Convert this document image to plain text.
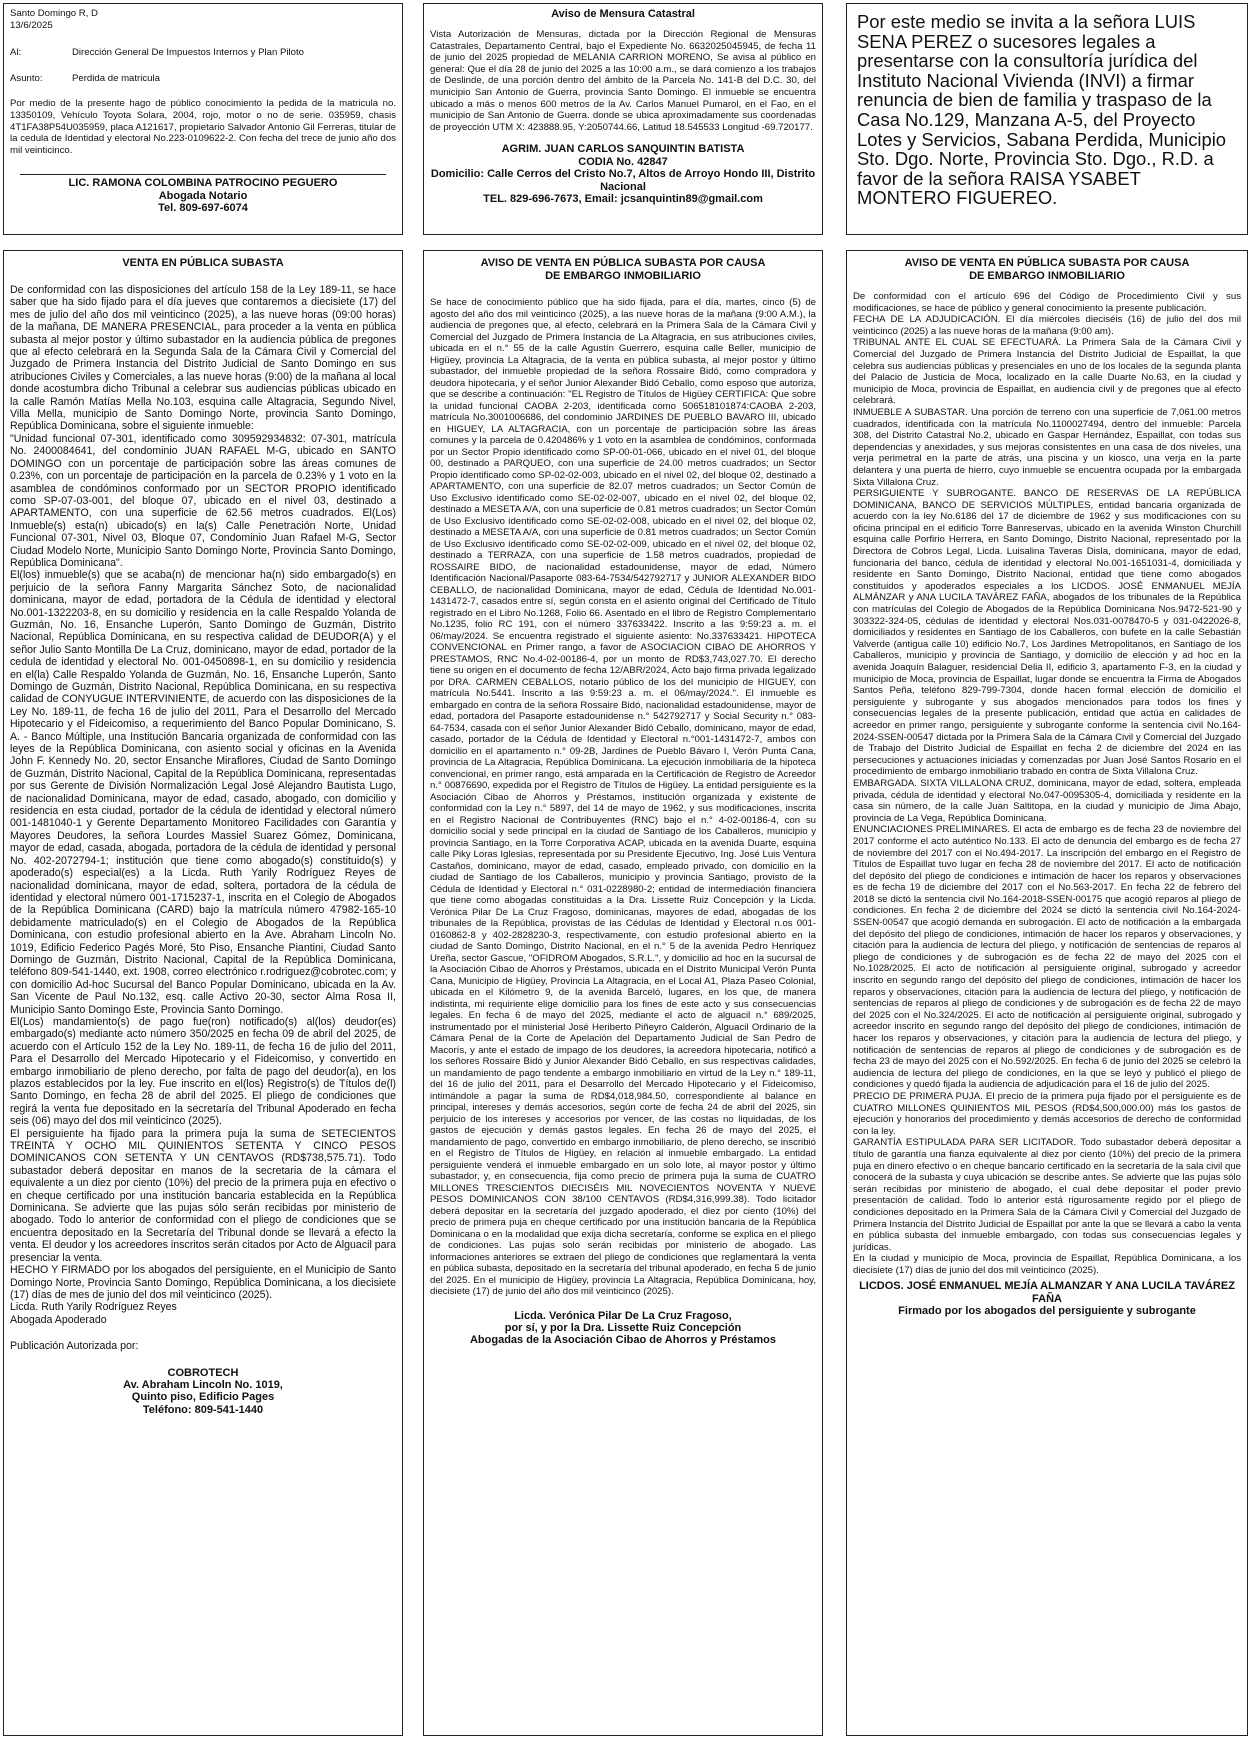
Santo Domingo R, D
13/6/2025
Al:	Dirección General De Impuestos Internos y Plan Piloto
Asunto:	Perdida de matricula

Por medio de la presente hago de público conocimiento la pedida de la matricula no. 13350109, Vehículo Toyota Solara, 2004, rojo, motor o no de serie. 035959, chasis 4T1FA38P54U035959, placa A121617, propietario Salvador Antonio Gil Ferreras, titular de la cedula de Identidad y electoral No.223-0109622-2. Con fecha del trece de junio año dos mil veinticinco.

LIC. RAMONA COLOMBINA PATROCINO PEGUERO
Abogada Notario
Tel. 809-697-6074
Aviso de Mensura Catastral

Vista Autorización de Mensuras, dictada por la Dirección Regional de Mensuras Catastrales, Departamento Central, bajo el Expediente No. 6632025045945, de fecha 11 de junio del 2025 propiedad de MELANIA CARRION MORENO, Se avisa al público en general: Que el día 28 de junio del 2025 a las 10:00 a.m., se dará comienzo a los trabajos de Deslinde, de una porción dentro del ámbito de la Parcela No. 141-B del D.C. 30, del municipio San Antonio de Guerra, provincia Santo Domingo. El inmueble se encuentra ubicado a más o menos 600 metros de la Av. Carlos Manuel Pumarol, en el Fao, en el municipio de San Antonio de Guerra. donde se ubica aproximadamente sus coordenadas de proyección UTM X: 423888.95, Y:2050744.66, Latitud 18.545533 Longitud -69.720177.

AGRIM. JUAN CARLOS SANQUINTIN BATISTA
CODIA No. 42847
Domicilio: Calle Cerros del Cristo No.7, Altos de Arroyo Hondo III, Distrito Nacional
TEL. 829-696-7673, Email: jcsanquintin89@gmail.com

Por este medio se invita a la señora LUIS SENA PEREZ o sucesores legales a presentarse con la consultoría jurídica del Instituto Nacional Vivienda (INVI) a firmar renuncia de bien de familia y traspaso de la Casa No.129, Manzana A-5, del Proyecto Lotes y Servicios, Sabana Perdida, Municipio Sto. Dgo. Norte, Provincia Sto. Dgo., R.D. a favor de la señora RAISA YSABET MONTERO FIGUEREO.

VENTA EN PÚBLICA SUBASTA

De conformidad con las disposiciones del artículo 158 de la Ley 189-11, se hace saber que ha sido fijado para el día jueves que contaremos a diecisiete (17) del mes de julio del año dos mil veinticinco (2025), a las nueve horas (09:00 horas) de la mañana, DE MANERA PRESENCIAL, para proceder a la venta en pública subasta al mejor postor y último subastador en la audiencia pública de pregones que al efecto celebrará en la Segunda Sala de la Cámara Civil y Comercial del Juzgado de Primera Instancia del Distrito Judicial de Santo Domingo en sus atribuciones Civiles y Comerciales, a las nueve horas (9:00) de la mañana al local donde acostumbra dicho Tribunal a celebrar sus audiencias públicas ubicado en la calle Ramón Matías Mella No.103, esquina calle Altagracia, Segundo Nivel, Villa Mella, municipio de Santo Domingo Norte, provincia Santo Domingo, República Dominicana, sobre el siguiente inmueble:

"Unidad funcional 07-301, identificado como 309592934832: 07-301, matrícula No. 2400084641, del condominio JUAN RAFAEL M-G, ubicado en SANTO DOMINGO con un porcentaje de participación sobre las áreas comunes de 0.23%, con un porcentaje de participación en la parcela de 0.23% y 1 voto en la asamblea de condóminos conformado por un SECTOR PROPIO identificado como SP-07-03-001, del bloque 07, ubicado en el nivel 03, destinado a APARTAMENTO, con una superficie de 62.56 metros cuadrados. El(Los) Inmueble(s) esta(n) ubicado(s) en la(s) Calle Penetración Norte, Unidad Funcional 07-301, Nivel 03, Bloque 07, Condominio Juan Rafael M-G, Sector Ciudad Modelo Norte, Municipio Santo Domingo Norte, Provincia Santo Domingo, República Dominicana".

El(los) inmueble(s) que se acaba(n) de mencionar ha(n) sido embargado(s) en perjuicio de la señora Fanny Margarita Sánchez Soto, de nacionalidad dominicana, mayor de edad, portadora de la Cédula de identidad y electoral No.001-1322203-8, en su domicilio y residencia en la calle Respaldo Yolanda de Guzmán, No. 16, Ensanche Luperón, Santo Domingo de Guzmán, Distrito Nacional, República Dominicana, en su respectiva calidad de DEUDOR(A) y el señor Julio Santo Montilla De La Cruz, dominicano, mayor de edad, portador de la cedula de identidad y electoral No. 001-0450898-1, en su domicilio y residencia en el(la) Calle Respaldo Yolanda de Guzmán, No. 16, Ensanche Luperón, Santo Domingo de Guzmán, Distrito Nacional, República Dominicana, en su respectiva calidad de CONYUGUE INTERVINIENTE, de acuerdo con las disposiciones de la Ley No. 189-11, de fecha 16 de julio del 2011, Para el Desarrollo del Mercado Hipotecario y el Fideicomiso, a requerimiento del Banco Popular Dominicano, S. A. - Banco Múltiple, una Institución Bancaria organizada de conformidad con las leyes de la República Dominicana, con asiento social y oficinas en la Avenida John F. Kennedy No. 20, sector Ensanche Miraflores, Ciudad de Santo Domingo de Guzmán, Distrito Nacional, Capital de la República Dominicana, representadas por sus Gerente de División Normalización Legal José Alejandro Bautista Lugo, de nacionalidad Dominicana, mayor de edad, casado, abogado, con domicilio y residencia en esta ciudad, portador de la cédula de identidad y electoral número 001-1481040-1 y Gerente Departamento Monitoreo Facilidades con Garantía y Mayores Deudores, la señora Lourdes Massiel Suarez Gómez, Dominicana, mayor de edad, casada, abogada, portadora de la cédula de identidad y personal No. 402-2072794-1; institución que tiene como abogado(s) constituido(s) y apoderado(s) especial(es) a la Licda. Ruth Yarily Rodríguez Reyes de nacionalidad dominicana, mayor de edad, soltera, portadora de la cédula de identidad y electoral número 001-1715237-1, inscrita en el Colegio de Abogados de la República Dominicana (CARD) bajo la matrícula número 47982-165-10 debidamente matriculado(s) en el Colegio de Abogados de la República Dominicana, con estudio profesional abierto en la Ave. Abraham Lincoln No. 1019, Edificio Federico Pagés Moré, 5to Piso, Ensanche Piantini, Ciudad Santo Domingo de Guzmán, Distrito Nacional, Capital de la República Dominicana, teléfono 809-541-1440, ext. 1908, correo electrónico r.rodriguez@cobrotec.com; y con domicilio Ad-hoc Sucursal del Banco Popular Dominicano, ubicada en la Av. San Vicente de Paul No.132, esq. calle Activo 20-30, sector Alma Rosa II, Municipio Santo Domingo Este, Provincia Santo Domingo.

El(Los) mandamiento(s) de pago fue(ron) notificado(s) al(los) deudor(es) embargado(s) mediante acto número 350/2025 en fecha 09 de abril del 2025, de acuerdo con el Artículo 152 de la Ley No. 189-11, de fecha 16 de julio del 2011, Para el Desarrollo del Mercado Hipotecario y el Fideicomiso, y convertido en embargo inmobiliario de pleno derecho, por falta de pago del deudor(a), en los plazos establecidos por la ley. Fue inscrito en el(los) Registro(s) de Títulos de(l) Santo Domingo, en fecha 28 de abril del 2025. El pliego de condiciones que regirá la venta fue depositado en la secretaría del Tribunal Apoderado en fecha seis (06) mayo del dos mil veinticinco (2025).

El persiguiente ha fijado para la primera puja la suma de SETECIENTOS TREINTA Y OCHO MIL QUINIENTOS SETENTA Y CINCO PESOS DOMINICANOS CON SETENTA Y UN CENTAVOS (RD$738,575.71). Todo subastador deberá depositar en manos de la secretaria de la cámara el equivalente a un diez por ciento (10%) del precio de la primera puja en efectivo o en cheque certificado por una institución bancaria establecida en la República Dominicana. Se advierte que las pujas sólo serán recibidas por ministerio de abogado. Todo lo anterior de conformidad con el pliego de condiciones que se encuentra depositado en la Secretaría del Tribunal donde se llevará a efecto la venta. El deudor y los acreedores inscritos serán citados por Acto de Alguacil para presenciar la venta.

HECHO Y FIRMADO por los abogados del persiguiente, en el Municipio de Santo Domingo Norte, Provincia Santo Domingo, República Dominicana, a los diecisiete (17) días de mes de junio del dos mil veinticinco (2025).

Licda. Ruth Yarily Rodríguez Reyes
Abogada Apoderado
Publicación Autorizada por:
COBROTECH
Av. Abraham Lincoln No. 1019,
Quinto piso, Edificio Pages
Teléfono: 809-541-1440
AVISO DE VENTA EN PÚBLICA SUBASTA POR CAUSA
DE EMBARGO INMOBILIARIO

Se hace de conocimiento público que ha sido fijada, para el día, martes, cinco (5) de agosto del año dos mil veinticinco (2025), a las nueve horas de la mañana (9:00 A.M.), la audiencia de pregones que, al efecto, celebrará en la Primera Sala de la Cámara Civil y Comercial del Juzgado de Primera Instancia de La Altagracia, en sus atribuciones civiles, ubicada en el n.° 55 de la calle Agustín Guerrero, esquina calle Beller, municipio de Higüey, provincia La Altagracia, de la venta en pública subasta, al mejor postor y último subastador, del inmueble propiedad de la señora Rossaire Bidó, como compradora y deudora hipotecaria, y el señor Junior Alexander Bidó Ceballo, como esposo que autoriza, que se describe a continuación: "EL Registro de Títulos de Higüey CERTIFICA: Que sobre la unidad funcional CAOBA 2-203, identificada como 506518101874:CAOBA 2-203, matrícula No.3001006686, del condominio JARDINES DE PUEBLO BAVARO III, ubicado en HIGUEY, LA ALTAGRACIA, con un porcentaje de participación sobre las áreas comunes y la parcela de 0.420486% y 1 voto en la asamblea de condóminos, conformada por un Sector Propio identificado como SP-00-01-066, ubicado en el nivel 01, del bloque 00, destinado a PARQUEO, con una superficie de 24.00 metros cuadrados; un Sector Propio identificado como SP-02-02-003, ubicado en el nivel 02, del bloque 02, destinado a APARTAMENTO, con una superficie de 82.07 metros cuadrados; un Sector Común de Uso Exclusivo identificado como SE-02-02-007, ubicado en el nivel 02, del bloque 02, destinado a MESETA A/A, con una superficie de 0.81 metros cuadrados; un Sector Común de Uso Exclusivo identificado como SE-02-02-008, ubicado en el nivel 02, del bloque 02, destinado a MESETA A/A, con una superficie de 0.81 metros cuadrados; un Sector Común de Uso Exclusivo identificado como SE-02-02-009, ubicado en el nivel 02, del bloque 02, destinado a TERRAZA, con una superficie de 1.58 metros cuadrados, propiedad de ROSSAIRE BIDO, de nacionalidad estadounidense, mayor de edad, Número Identificación Nacional/Pasaporte 083-64-7534/542792717 y JUNIOR ALEXANDER BIDO CEBALLO, de nacionalidad Dominicana, mayor de edad, Cédula de Identidad No.001-1431472-7, casados entre sí, según consta en el asiento original del Certificado de Título registrado en el Libro No.1268, Folio 66. Asentado en el libro de Registro Complementario No.1235, folio RC 191, con el número 337633422. Inscrito a las 9:59:23 a. m. el 06/may/2024. Se encuentra registrado el siguiente asiento: No.337633421. HIPOTECA CONVENCIONAL en Primer rango, a favor de ASOCIACION CIBAO DE AHORROS Y PRESTAMOS, RNC No.4-02-00186-4, por un monto de RD$3,743,027.70. El derecho tiene su origen en el documento de fecha 12/ABR/2024, Acto bajo firma privada legalizado por DRA. CARMEN CEBALLOS, notario público de los del municipio de HIGUEY, con matrícula No.5441. Inscrito a las 9:59:23 a. m. el 06/may/2024.". El inmueble es embargado en contra de la señora Rossaire Bidó, nacionalidad estadounidense, mayor de edad, portadora del Pasaporte estadounidense n.° 542792717 y Social Security n.° 083-64-7534, casada con el señor Junior Alexander Bidó Ceballo, dominicano, mayor de edad, casado, portador de la Cédula de Identidad y Electoral n.°001-1431472-7, ambos con domicilio en el apartamento n.° 09-2B, Jardines de Pueblo Bávaro I, Verón Punta Cana, provincia de La Altagracia, República Dominicana. La ejecución inmobiliaria de la hipoteca convencional, en primer rango, está amparada en la Certificación de Registro de Acreedor n.° 00876690, expedida por el Registro de Títulos de Higüey. La entidad persiguiente es la Asociación Cibao de Ahorros y Préstamos, institución organizada y existente de conformidad con la Ley n.° 5897, del 14 de mayo de 1962, y sus modificaciones, inscrita en el Registro Nacional de Contribuyentes (RNC) bajo el n.° 4-02-00186-4, con su domicilio social y sede principal en la ciudad de Santiago de los Caballeros, municipio y provincia Santiago, en la Torre Corporativa ACAP, ubicada en la avenida Duarte, esquina calle Piky Loras Iglesias, representada por su Presidente Ejecutivo, Ing. José Luis Ventura Castaños, dominicano, mayor de edad, casado, empleado privado, con domicilio en la ciudad de Santiago de los Caballeros, municipio y provincia Santiago, provisto de la Cédula de Identidad y Electoral n.° 031-0228980-2; entidad de intermediación financiera que tiene como abogadas constituidas a la Dra. Lissette Ruiz Concepción y la Licda. Verónica Pilar De La Cruz Fragoso, dominicanas, mayores de edad, abogadas de los tribunales de la República, provistas de las Cédulas de Identidad y Electoral n.os 001-0160862-8 y 402-2828230-3, respectivamente, con estudio profesional abierto en la ciudad de Santo Domingo, Distrito Nacional, en el n.° 5 de la avenida Pedro Henríquez Ureña, sector Gascue, "OFIDROM Abogados, S.R.L.", y domicilio ad hoc en la sucursal de la Asociación Cibao de Ahorros y Préstamos, ubicada en el Distrito Municipal Verón Punta Cana, Municipio de Higüey, Provincia La Altagracia, en el Local A1, Plaza Paseo Colonial, ubicada en el Kilómetro 9, de la avenida Barceló, lugares, en los que, de manera indistinta, mi requiriente elige domicilio para los fines de este acto y sus consecuencias legales. En fecha 6 de mayo del 2025, mediante el acto de alguacil n.° 689/2025, instrumentado por el ministerial José Heriberto Piñeyro Calderón, Alguacil Ordinario de la Cámara Penal de la Corte de Apelación del Departamento Judicial de San Pedro de Macorís, y ante el estado de impago de los deudores, la acreedora hipotecaria, notificó a los señores Rossaire Bidó y Junior Alexander Bidó Ceballo, en sus respectivas calidades, un mandamiento de pago tendente a embargo inmobiliario en virtud de la Ley n.° 189-11, del 16 de julio del 2011, para el Desarrollo del Mercado Hipotecario y el Fideicomiso, intimándole a pagar la suma de RD$4,018,984.50, correspondiente al balance en principal, intereses y demás accesorios, según corte de fecha 24 de abril del 2025, sin perjuicio de los intereses y accesorios por vencer, de las costas no liquidadas, de los gastos de ejecución y demás gastos legales. En fecha 26 de mayo del 2025, el mandamiento de pago, convertido en embargo inmobiliario, de pleno derecho, se inscribió en el Registro de Títulos de Higüey, en relación al inmueble embargado. La entidad persiguiente venderá el inmueble embargado en un solo lote, al mayor postor y último subastador, y, en consecuencia, fija como precio de primera puja la suma de CUATRO MILLONES TRESCIENTOS DIECISÉIS MIL NOVECIENTOS NOVENTA Y NUEVE PESOS DOMINICANOS CON 38/100 CENTAVOS (RD$4,316,999.38). Todo licitador deberá depositar en la secretaría del juzgado apoderado, el diez por ciento (10%) del precio de primera puja en cheque certificado por una institución bancaria de la República Dominicana o en la modalidad que exija dicha secretaría, conforme se explica en el pliego de condiciones. Las pujas solo serán recibidas por ministerio de abogado. Las informaciones anteriores se extraen del pliego de condiciones que reglamentará la venta en pública subasta, depositado en la secretaría del tribunal apoderado, en fecha 5 de junio del 2025. En el municipio de Higüey, provincia La Altagracia, República Dominicana, hoy, diecisiete (17) de junio del año dos mil veinticinco (2025).

Licda. Verónica Pilar De La Cruz Fragoso,
por sí, y por la Dra. Lissette Ruiz Concepción
Abogadas de la Asociación Cibao de Ahorros y Préstamos
AVISO DE VENTA EN PÚBLICA SUBASTA POR CAUSA
DE EMBARGO INMOBILIARIO

De conformidad con el artículo 696 del Código de Procedimiento Civil y sus modificaciones, se hace de público y general conocimiento la presente publicación.

FECHA DE LA ADJUDICACIÓN. El día miércoles dieciséis (16) de julio del dos mil veinticinco (2025) a las nueve horas de la mañana (9:00 am).

TRIBUNAL ANTE EL CUAL SE EFECTUARÁ. La Primera Sala de la Cámara Civil y Comercial del Juzgado de Primera Instancia del Distrito Judicial de Espaillat, la que celebra sus audiencias públicas y presenciales en uno de los locales de la segunda planta del Palacio de Justicia de Moca, localizado en la calle Duarte No.63, en la ciudad y municipio de Moca, provincia de Espaillat, en audiencia civil y de pregones que al efecto celebrará.

INMUEBLE A SUBASTAR. Una porción de terreno con una superficie de 7,061.00 metros cuadrados, identificada con la matrícula No.1100027494, dentro del inmueble: Parcela 308, del Distrito Catastral No.2, ubicado en Gaspar Hernández, Espaillat, con todas sus dependencias y anexidades, y sus mejoras consistentes en una casa de dos niveles, una verja perimetral en la parte de atrás, una piscina y un kiosco, una verja en la parte delantera y una puerta de hierro, cuyo inmueble se encuentra ocupada por la embargada Sixta Villalona Cruz.

PERSIGUIENTE Y SUBROGANTE. BANCO DE RESERVAS DE LA REPÚBLICA DOMINICANA, BANCO DE SERVICIOS MÚLTIPLES, entidad bancaria organizada de acuerdo con la ley No.6186 del 17 de diciembre de 1962 y sus modificaciones con su oficina principal en el edificio Torre Banreservas, ubicado en la avenida Winston Churchill esquina calle Porfirio Herrera, en Santo Domingo, Distrito Nacional, representado por la Directora de Cobros Legal, Licda. Luisalina Taveras Disla, dominicana, mayor de edad, funcionaria del banco, cédula de identidad y electoral No.001-1651031-4, domiciliada y residente en Santo Domingo, Distrito Nacional, entidad que tiene como abogados constituidos y apoderados especiales a los LICDOS. JOSÉ ENMANUEL MEJÍA ALMÁNZAR y ANA LUCILA TAVÁREZ FAÑA, abogados de los tribunales de la República con matrículas del Colegio de Abogados de la República Dominicana Nos.9472-521-90 y 303322-324-05, cédulas de identidad y electoral Nos.031-0078470-5 y 031-0422026-8, domiciliados y residentes en Santiago de los Caballeros, con bufete en la calle Sebastián Valverde (antigua calle 10) edificio No.7, Los Jardines Metropolitanos, en Santiago de los Caballeros, municipio y provincia de Santiago, y domicilio de elección y ad hoc en la avenida Joaquín Balaguer, residencial Delia II, edificio 3, apartamento F-3, en la ciudad y municipio de Moca, provincia de Espaillat, lugar donde se encuentra la Firma de Abogados Santos Peña, teléfono 829-799-7304, donde hacen formal elección de domicilio el persiguiente y subrogante y sus abogados mencionados para todos los fines y consecuencias legales de la presente publicación, entidad que actúa en calidades de acreedor en primer rango, persiguiente y subrogante conforme la sentencia civil No.164-2024-SSEN-00547 dictada por la Primera Sala de la Cámara Civil y Comercial del Juzgado de Trabajo del Distrito Judicial de Espaillat en fecha 2 de diciembre del 2024 en las persecuciones y actuaciones iniciadas y comenzadas por Juan José Santos Rosario en el procedimiento de embargo inmobiliario trabado en contra de Sixta Villalona Cruz.

EMBARGADA. SIXTA VILLALONA CRUZ, dominicana, mayor de edad, soltera, empleada privada, cédula de identidad y electoral No.047-0095305-4, domiciliada y residente en la casa sin número, de la calle Juan Saltitopa, en la ciudad y municipio de Jima Abajo, provincia de La Vega, República Dominicana.

ENUNCIACIONES PRELIMINARES. El acta de embargo es de fecha 23 de noviembre del 2017 conforme el acto auténtico No.133. El acto de denuncia del embargo es de fecha 27 de noviembre del 2017 con el No.494-2017. La inscripción del embargo en el Registro de Títulos de Espaillat tuvo lugar en fecha 28 de noviembre del 2017. El acto de notificación del depósito del pliego de condiciones e intimación de hacer los reparos y observaciones es de fecha 19 de diciembre del 2017 con el No.563-2017. En fecha 22 de febrero del 2018 se dictó la sentencia civil No.164-2018-SSEN-00175 que acogió reparos al pliego de condiciones. En fecha 2 de diciembre del 2024 se dictó la sentencia civil No.164-2024-SSEN-00547 que acogió demanda en subrogación. El acto de notificación a la embargada del depósito del pliego de condiciones, intimación de hacer los reparos y observaciones, y citación para la audiencia de lectura del pliego, y notificación de sentencias de reparos al pliego de condiciones y de subrogación es de fecha 22 de mayo del 2025 con el No.1028/2025. El acto de notificación al persiguiente original, subrogado y acreedor inscrito en segundo rango del depósito del pliego de condiciones, intimación de hacer los reparos y observaciones, citación para la audiencia de lectura del pliego, y notificación de sentencias de reparos al pliego de condiciones y de subrogación es de fecha 22 de mayo del 2025 con el No.324/2025. El acto de notificación al persiguiente original, subrogado y acreedor inscrito en segundo rango del depósito del pliego de condiciones, intimación de hacer los reparos y observaciones, y citación para la audiencia de lectura del pliego, y notificación de sentencias de reparos al pliego de condiciones y de subrogación es de fecha 23 de mayo del 2025 con el No.592/2025. En fecha 6 de junio del 2025 se celebró la audiencia de lectura del pliego de condiciones, en la que se leyó y publicó el pliego de condiciones y quedó fijada la audiencia de adjudicación para el 16 de julio del 2025.

PRECIO DE PRIMERA PUJA. El precio de la primera puja fijado por el persiguiente es de CUATRO MILLONES QUINIENTOS MIL PESOS (RD$4,500,000.00) más los gastos de ejecución y honorarios del procedimiento y demás accesorios de derecho de conformidad con la ley.

GARANTÍA ESTIPULADA PARA SER LICITADOR. Todo subastador deberá depositar a título de garantía una fianza equivalente al diez por ciento (10%) del precio de la primera puja en dinero efectivo o en cheque bancario certificado en la secretaría de la sala civil que conocerá de la subasta y cuya ubicación se describe antes. Se advierte que las pujas sólo serán recibidas por ministerio de abogado, el cual debe depositar el poder previo presentación de calidad. Todo lo anterior está rigurosamente regido por el pliego de condiciones depositado en la Primera Sala de la Cámara Civil y Comercial del Juzgado de Primera Instancia del Distrito Judicial de Espaillat por ante la que se llevará a cabo la venta en pública subasta del inmueble embargado, con todas sus consecuencias legales y jurídicas.

En la ciudad y municipio de Moca, provincia de Espaillat, República Dominicana, a los diecisiete (17) días de junio del dos mil veinticinco (2025).

LICDOS. JOSÉ ENMANUEL MEJÍA ALMANZAR Y ANA LUCILA TAVÁREZ FAÑA
Firmado por los abogados del persiguiente y subrogante
